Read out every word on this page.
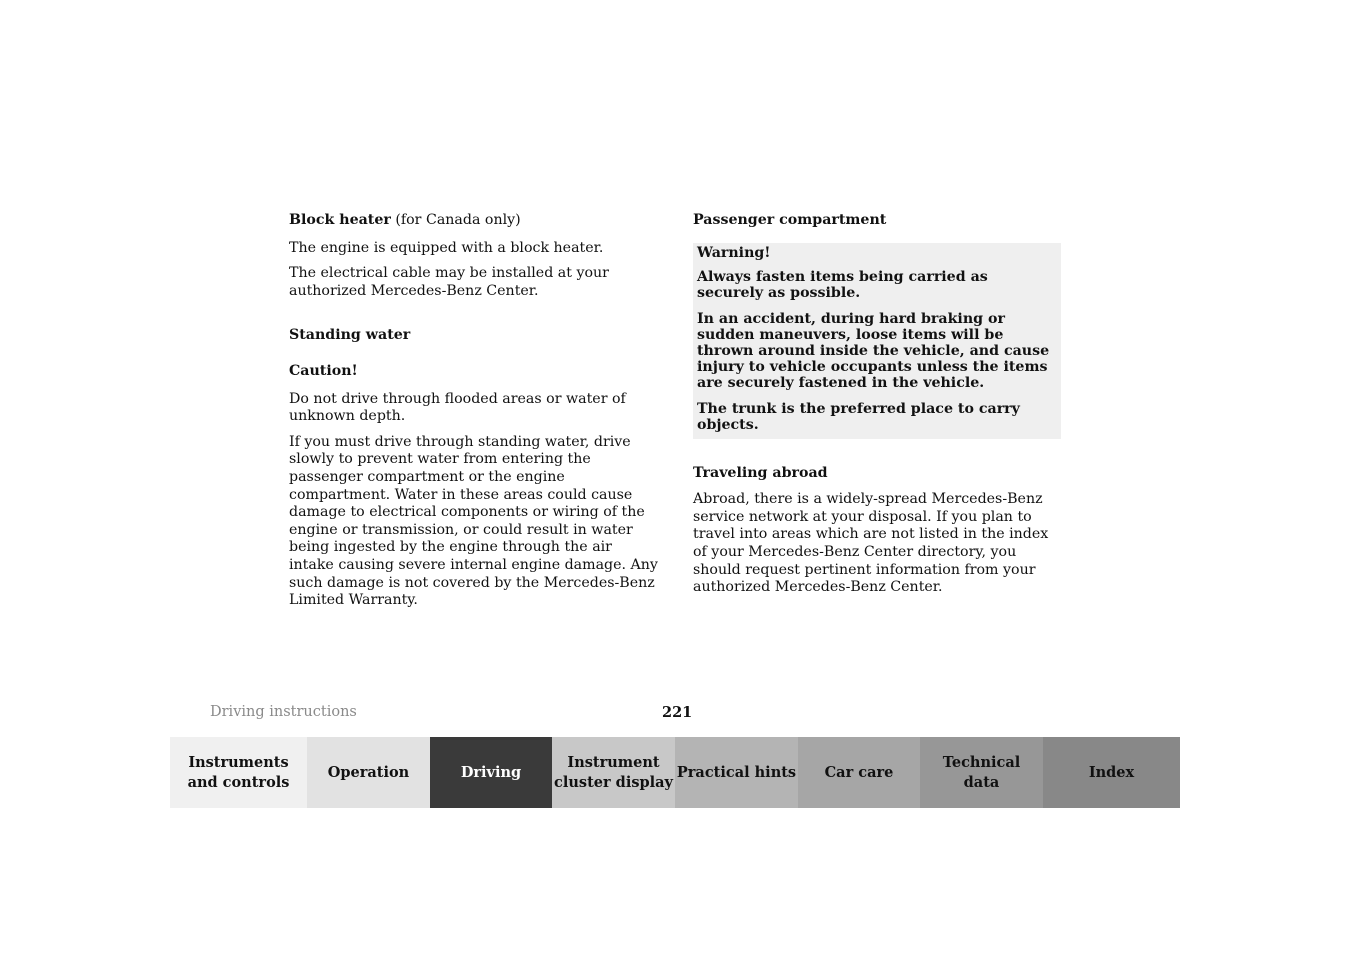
Block heater (for Canada only)

The engine is equipped with a block heater.

The electrical cable may be installed at your authorized Mercedes-Benz Center.

Standing water

Caution!

Do not drive through flooded areas or water of unknown depth.

If you must drive through standing water, drive slowly to prevent water from entering the passenger compartment or the engine compartment. Water in these areas could cause damage to electrical components or wiring of the engine or transmission, or could result in water being ingested by the engine through the air intake causing severe internal engine damage. Any such damage is not covered by the Mercedes-Benz Limited Warranty.

Passenger compartment

Warning!

Always fasten items being carried as securely as possible.

In an accident, during hard braking or sudden maneuvers, loose items will be thrown around inside the vehicle, and cause injury to vehicle occupants unless the items are securely fastened in the vehicle.

The trunk is the preferred place to carry objects.

Traveling abroad

Abroad, there is a widely-spread Mercedes-Benz service network at your disposal. If you plan to travel into areas which are not listed in the index of your Mercedes-Benz Center directory, you should request pertinent information from your authorized Mercedes-Benz Center.

Driving instructions	221
Instruments
and controls
Operation	Driving
Instrument
cluster display
Practical hints	Car care
Technical
data
Index
